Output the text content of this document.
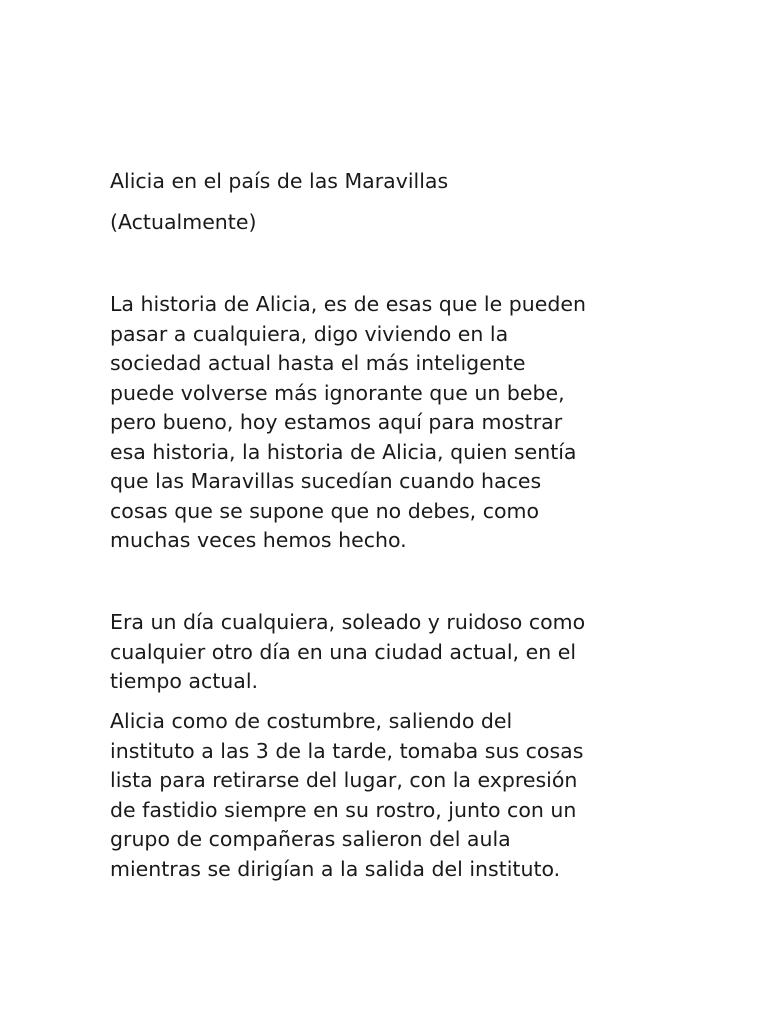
Alicia en el país de las Maravillas

(Actualmente)

La historia de Alicia, es de esas que le pueden
pasar a cualquiera, digo viviendo en la
sociedad actual hasta el más inteligente
puede volverse más ignorante que un bebe,
pero bueno, hoy estamos aquí para mostrar
esa historia, la historia de Alicia, quien sentía
que las Maravillas sucedían cuando haces
cosas que se supone que no debes, como
muchas veces hemos hecho.

Era un día cualquiera, soleado y ruidoso como
cualquier otro día en una ciudad actual, en el
tiempo actual.

Alicia como de costumbre, saliendo del
instituto a las 3 de la tarde, tomaba sus cosas
lista para retirarse del lugar, con la expresión
de fastidio siempre en su rostro, junto con un
grupo de compañeras salieron del aula
mientras se dirigían a la salida del instituto.
